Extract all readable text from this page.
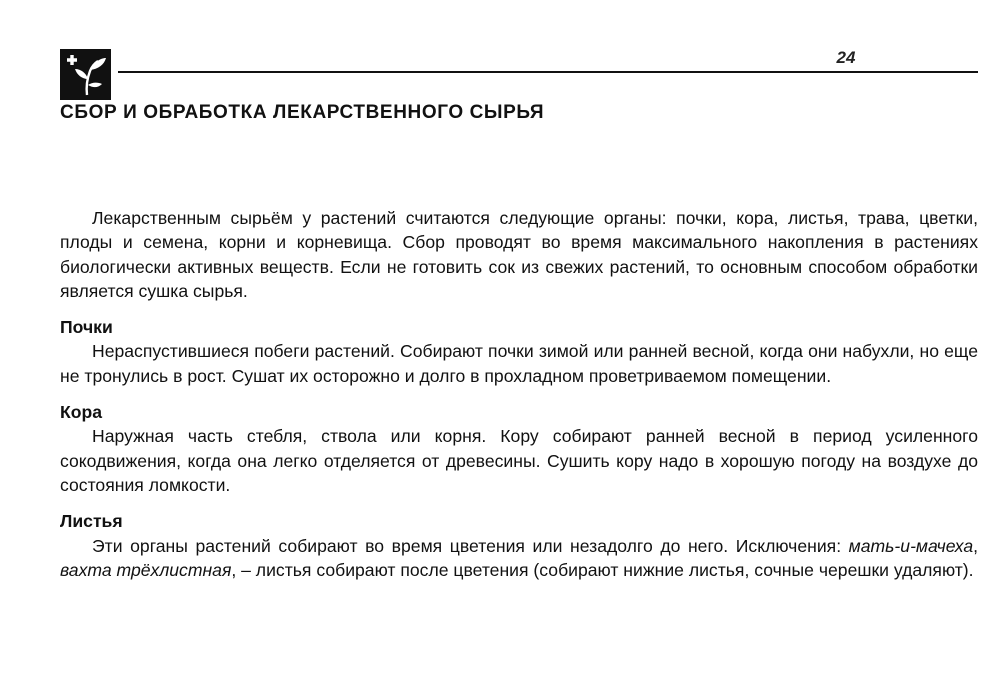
24
СБОР И ОБРАБОТКА ЛЕКАРСТВЕННОГО СЫРЬЯ

Лекарственным сырьём у растений считаются следующие органы: почки, кора, листья, трава, цветки, плоды и семена, корни и корневища. Сбор проводят во время максимального накопления в растениях биологически активных веществ. Если не готовить сок из свежих растений, то основным способом обработки является сушка сырья.

Почки

Нераспустившиеся побеги растений. Собирают почки зимой или ранней весной, когда они набухли, но еще не тронулись в рост. Сушат их осторожно и долго в прохладном проветриваемом помещении.

Кора

Наружная часть стебля, ствола или корня. Кору собирают ранней весной в период усиленного сокодвижения, когда она легко отделяется от древесины. Сушить кору надо в хорошую погоду на воздухе до состояния ломкости.

Листья

Эти органы растений собирают во время цветения или незадолго до него. Исключения: мать-и-мачеха, вахта трёхлистная, – листья собирают после цветения (собирают нижние листья, сочные черешки удаляют).
